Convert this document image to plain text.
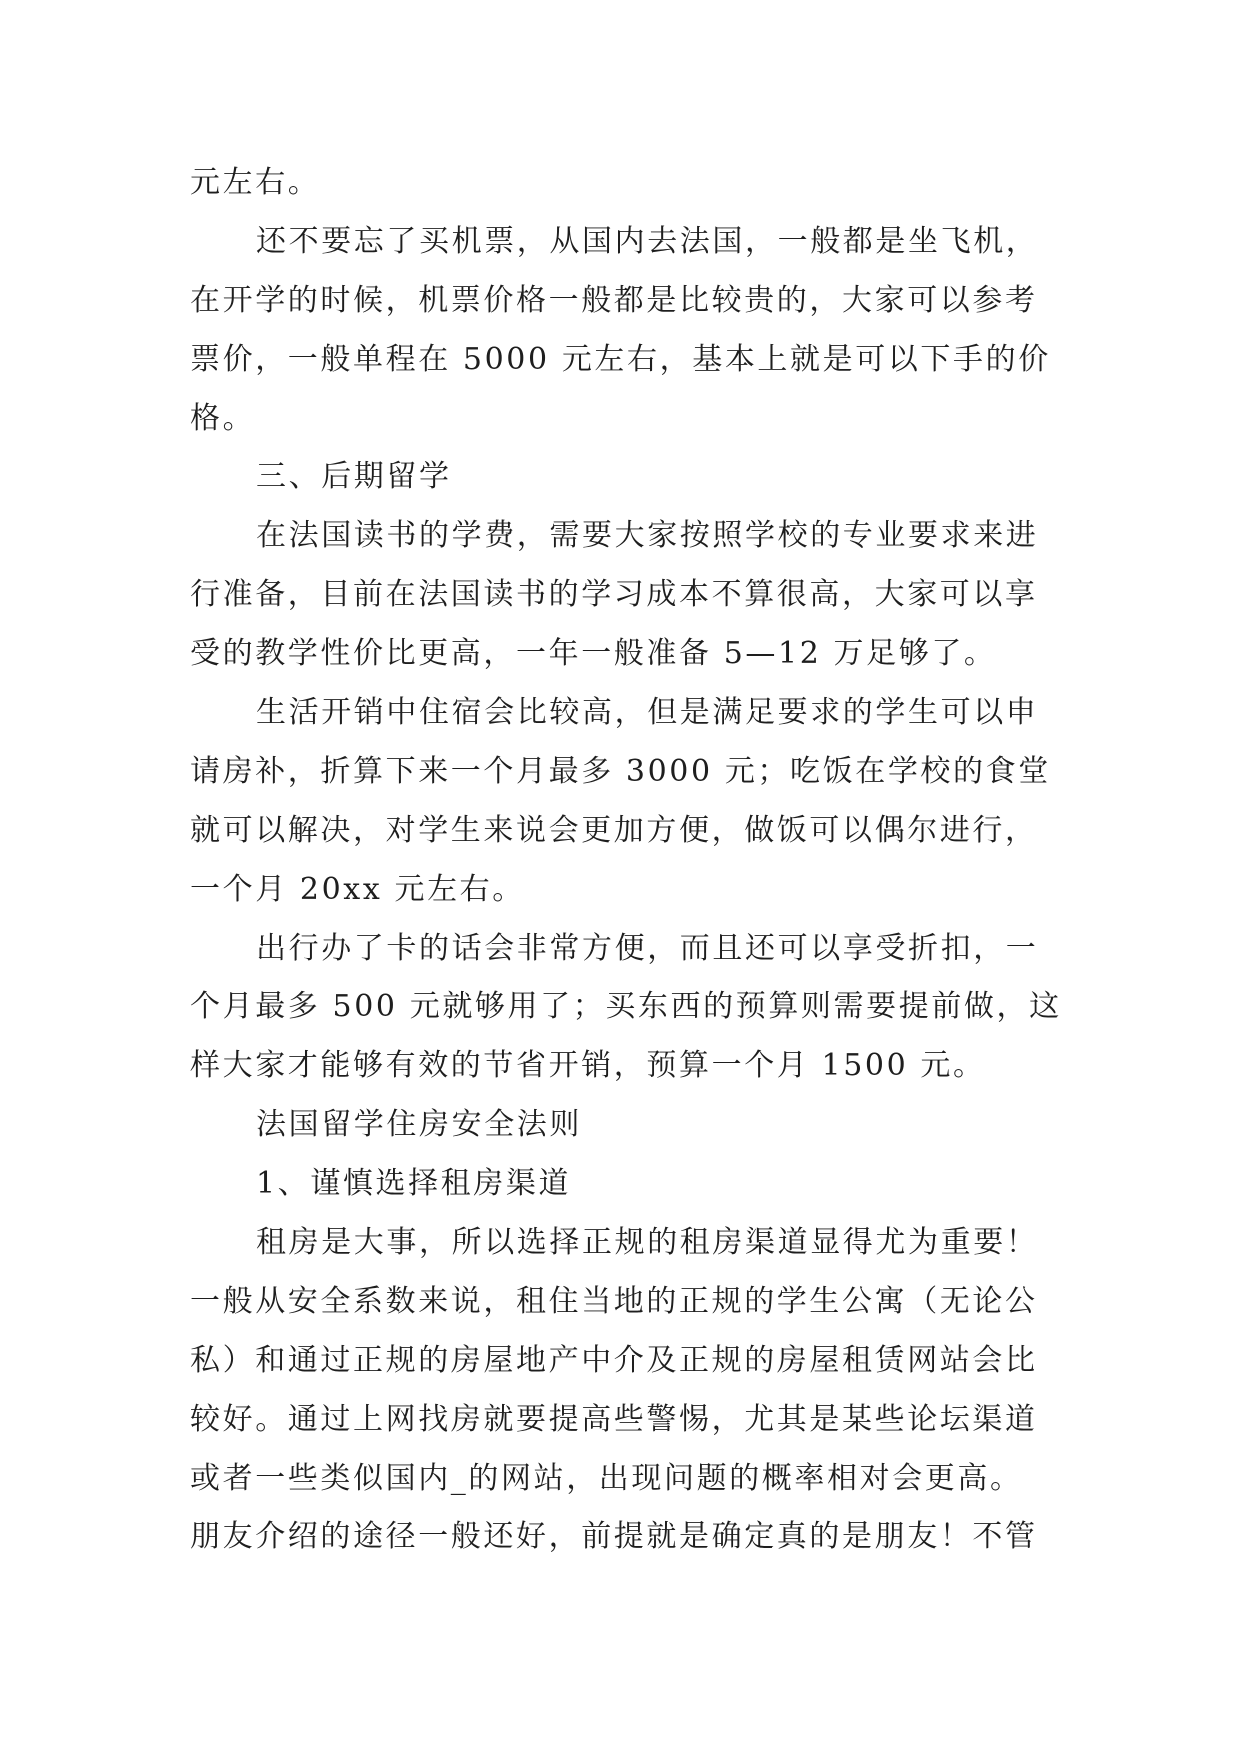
元左右。
还不要忘了买机票，从国内去法国，一般都是坐飞机，
在开学的时候，机票价格一般都是比较贵的，大家可以参考
票价，一般单程在 5000 元左右，基本上就是可以下手的价
格。
三、后期留学
在法国读书的学费，需要大家按照学校的专业要求来进
行准备，目前在法国读书的学习成本不算很高，大家可以享
受的教学性价比更高，一年一般准备 5—12 万足够了。
生活开销中住宿会比较高，但是满足要求的学生可以申
请房补，折算下来一个月最多 3000 元；吃饭在学校的食堂
就可以解决，对学生来说会更加方便，做饭可以偶尔进行，
一个月 20xx 元左右。
出行办了卡的话会非常方便，而且还可以享受折扣，一
个月最多 500 元就够用了；买东西的预算则需要提前做，这
样大家才能够有效的节省开销，预算一个月 1500 元。
法国留学住房安全法则
1、谨慎选择租房渠道
租房是大事，所以选择正规的租房渠道显得尤为重要！
一般从安全系数来说，租住当地的正规的学生公寓（无论公
私）和通过正规的房屋地产中介及正规的房屋租赁网站会比
较好。通过上网找房就要提高些警惕，尤其是某些论坛渠道
或者一些类似国内_的网站，出现问题的概率相对会更高。
朋友介绍的途径一般还好，前提就是确定真的是朋友！不管
